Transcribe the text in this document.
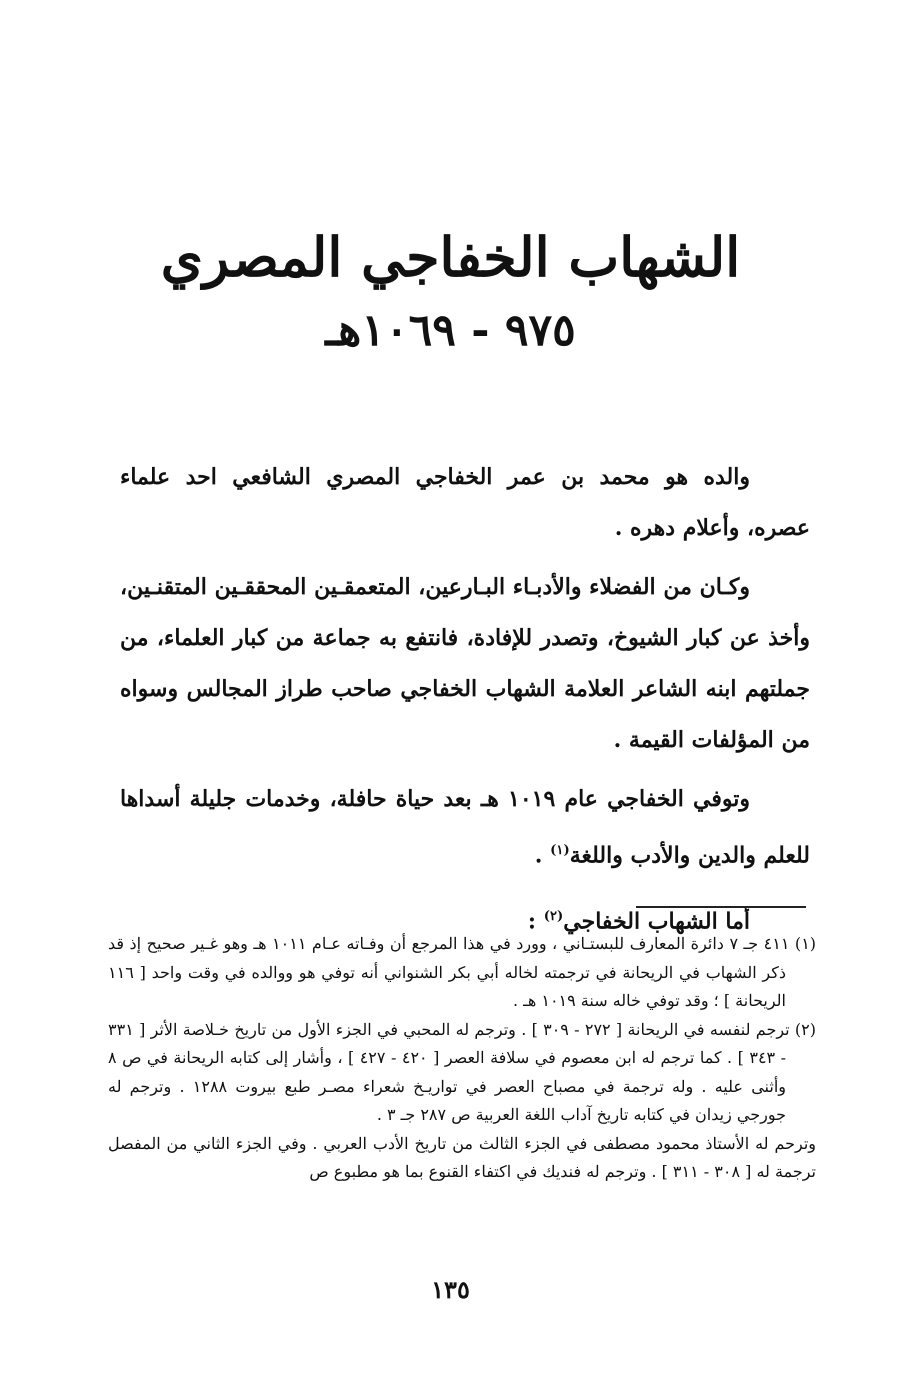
الشهاب الخفاجي المصري
٩٧٥ - ١٠٦٩هـ

والده هو محمد بن عمر الخفاجي المصري الشافعي احد علماء عصره، وأعلام دهره .

وكـان من الفضلاء والأدبـاء البـارعين، المتعمقـين المحققـين المتقنـين، وأخذ عن كبار الشيوخ، وتصدر للإفادة، فانتفع به جماعة من كبار العلماء، من جملتهم ابنه الشاعر العلامة الشهاب الخفاجي صاحب طراز المجالس وسواه من المؤلفات القيمة .

وتوفي الخفاجي عام ١٠١٩ هـ بعد حياة حافلة، وخدمات جليلة أسداها للعلم والدين والأدب واللغة$^{(١)}$ .

أما الشهاب الخفاجي$^{(٢)}$ :

(١) ٤١١ جـ ٧ دائرة المعارف للبستـاني ، وورد في هذا المرجع أن وفـاته عـام ١٠١١ هـ وهو غـير صحيح إذ قد ذكر الشهاب في الريحانة في ترجمته لخاله أبي بكر الشنواني أنه توفي هو ووالده في وقت واحد [ ١١٦ الريحانة ] ؛ وقد توفي خاله سنة ١٠١٩ هـ .

(٢) ترجم لنفسه في الريحانة [ ٢٧٢ - ٣٠٩ ] . وترجم له المحبي في الجزء الأول من تاريخ خـلاصة الأثر [ ٣٣١ - ٣٤٣ ] . كما ترجم له ابن معصوم في سلافة العصر [ ٤٢٠ - ٤٢٧ ] ، وأشار إلى كتابه الريحانة في ص ٨ وأثنى عليه . وله ترجمة في مصباح العصر في تواريـخ شعراء مصـر طبع بيروت ١٢٨٨ . وترجم له جورجي زيدان في كتابه تاريخ آداب اللغة العربية ص ٢٨٧ جـ ٣ .

وترحم له الأستاذ محمود مصطفى في الجزء الثالث من تاريخ الأدب العربي . وفي الجزء الثاني من المفصل ترجمة له [ ٣٠٨ - ٣١١ ] . وترجم له فنديك في اكتفاء القنوع بما هو مطبوع ص

١٣٥
